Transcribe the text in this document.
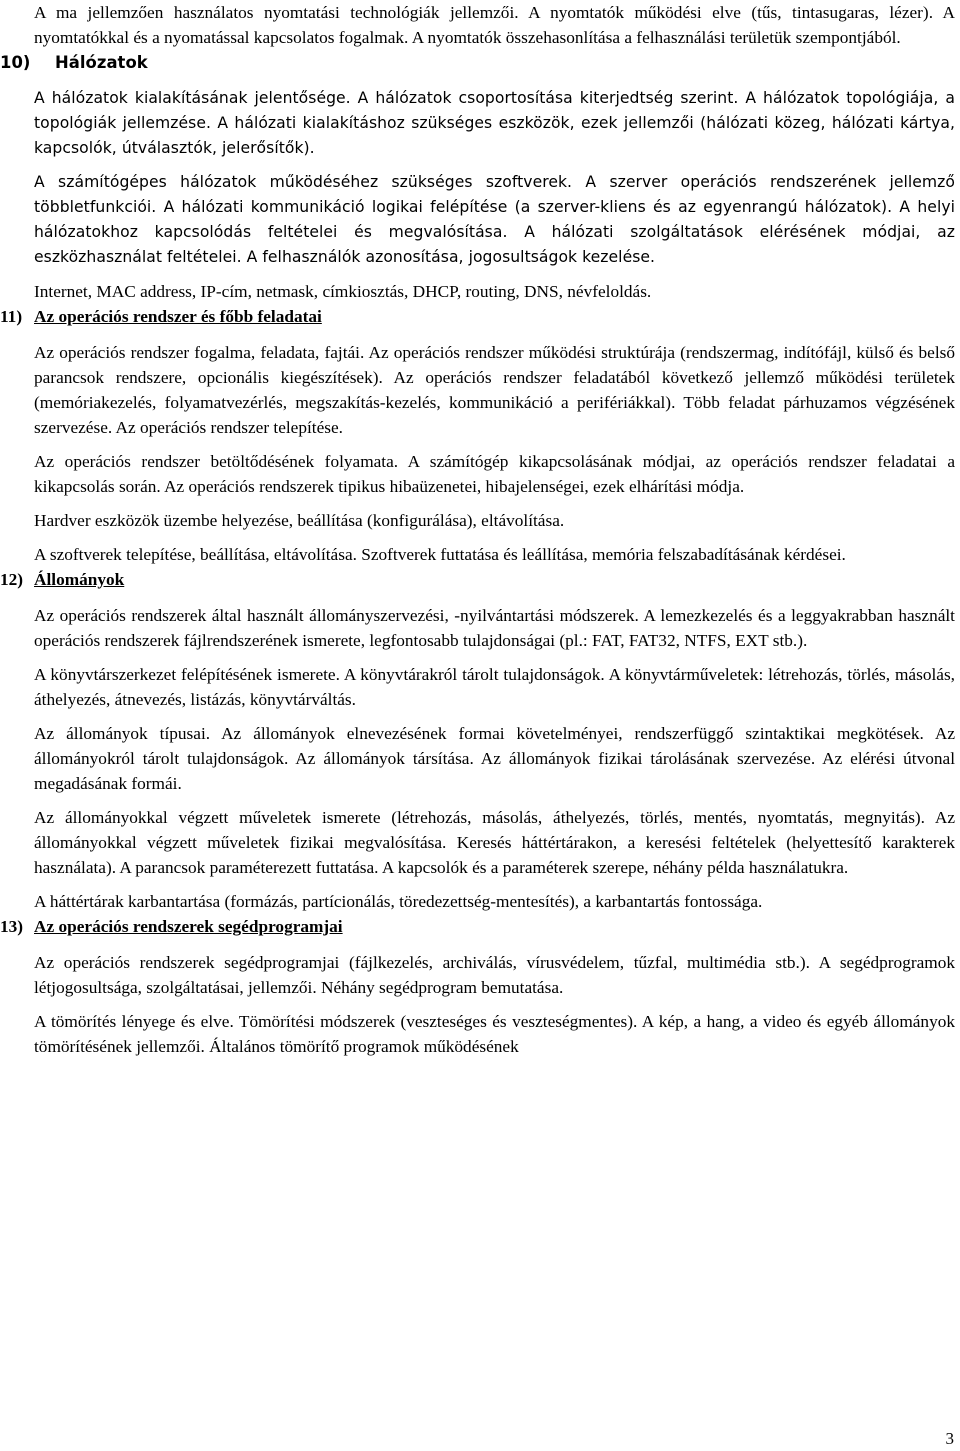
A ma jellemzően használatos nyomtatási technológiák jellemzői. A nyomtatók működési elve (tűs, tintasugaras, lézer). A nyomtatókkal és a nyomatással kapcsolatos fogalmak. A nyomtatók összehasonlítása a felhasználási területük szempontjából.

10) Hálózatok

A hálózatok kialakításának jelentősége. A hálózatok csoportosítása kiterjedtség szerint. A hálózatok topológiája, a topológiák jellemzése. A hálózati kialakításhoz szükséges eszközök, ezek jellemzői (hálózati közeg, hálózati kártya, kapcsolók, útválasztók, jelerősítők).

A számítógépes hálózatok működéséhez szükséges szoftverek. A szerver operációs rendszerének jellemző többletfunkciói. A hálózati kommunikáció logikai felépítése (a szerver-kliens és az egyenrangú hálózatok). A helyi hálózatokhoz kapcsolódás feltételei és megvalósítása. A hálózati szolgáltatások elérésének módjai, az eszközhasználat feltételei. A felhasználók azonosítása, jogosultságok kezelése.

Internet, MAC address, IP-cím, netmask, címkiosztás, DHCP, routing, DNS, névfeloldás.

11) Az operációs rendszer és főbb feladatai

Az operációs rendszer fogalma, feladata, fajtái. Az operációs rendszer működési struktúrája (rendszermag, indítófájl, külső és belső parancsok rendszere, opcionális kiegészítések). Az operációs rendszer feladatából következő jellemző működési területek (memóriakezelés, folyamatvezérlés, megszakítás-kezelés, kommunikáció a perifériákkal). Több feladat párhuzamos végzésének szervezése. Az operációs rendszer telepítése.

Az operációs rendszer betöltődésének folyamata. A számítógép kikapcsolásának módjai, az operációs rendszer feladatai a kikapcsolás során. Az operációs rendszerek tipikus hibaüzenetei, hibajelenségei, ezek elhárítási módja.

Hardver eszközök üzembe helyezése, beállítása (konfigurálása), eltávolítása.

A szoftverek telepítése, beállítása, eltávolítása. Szoftverek futtatása és leállítása, memória felszabadításának kérdései.

12) Állományok

Az operációs rendszerek által használt állományszervezési, -nyilvántartási módszerek. A lemezkezelés és a leggyakrabban használt operációs rendszerek fájlrendszerének ismerete, legfontosabb tulajdonságai (pl.: FAT, FAT32, NTFS, EXT stb.).

A könyvtárszerkezet felépítésének ismerete. A könyvtárakról tárolt tulajdonságok. A könyvtárműveletek: létrehozás, törlés, másolás, áthelyezés, átnevezés, listázás, könyvtárváltás.

Az állományok típusai. Az állományok elnevezésének formai követelményei, rendszerfüggő szintaktikai megkötések. Az állományokról tárolt tulajdonságok. Az állományok társítása. Az állományok fizikai tárolásának szervezése. Az elérési útvonal megadásának formái.

Az állományokkal végzett műveletek ismerete (létrehozás, másolás, áthelyezés, törlés, mentés, nyomtatás, megnyitás). Az állományokkal végzett műveletek fizikai megvalósítása. Keresés háttértárakon, a keresési feltételek (helyettesítő karakterek használata). A parancsok paraméterezett futtatása. A kapcsolók és a paraméterek szerepe, néhány példa használatukra.

A háttértárak karbantartása (formázás, partícionálás, töredezettség-mentesítés), a karbantartás fontossága.

13) Az operációs rendszerek segédprogramjai

Az operációs rendszerek segédprogramjai (fájlkezelés, archiválás, vírusvédelem, tűzfal, multimédia stb.). A segédprogramok létjogosultsága, szolgáltatásai, jellemzői. Néhány segédprogram bemutatása.

A tömörítés lényege és elve. Tömörítési módszerek (veszteséges és veszteségmentes). A kép, a hang, a video és egyéb állományok tömörítésének jellemzői. Általános tömörítő programok működésének

3
